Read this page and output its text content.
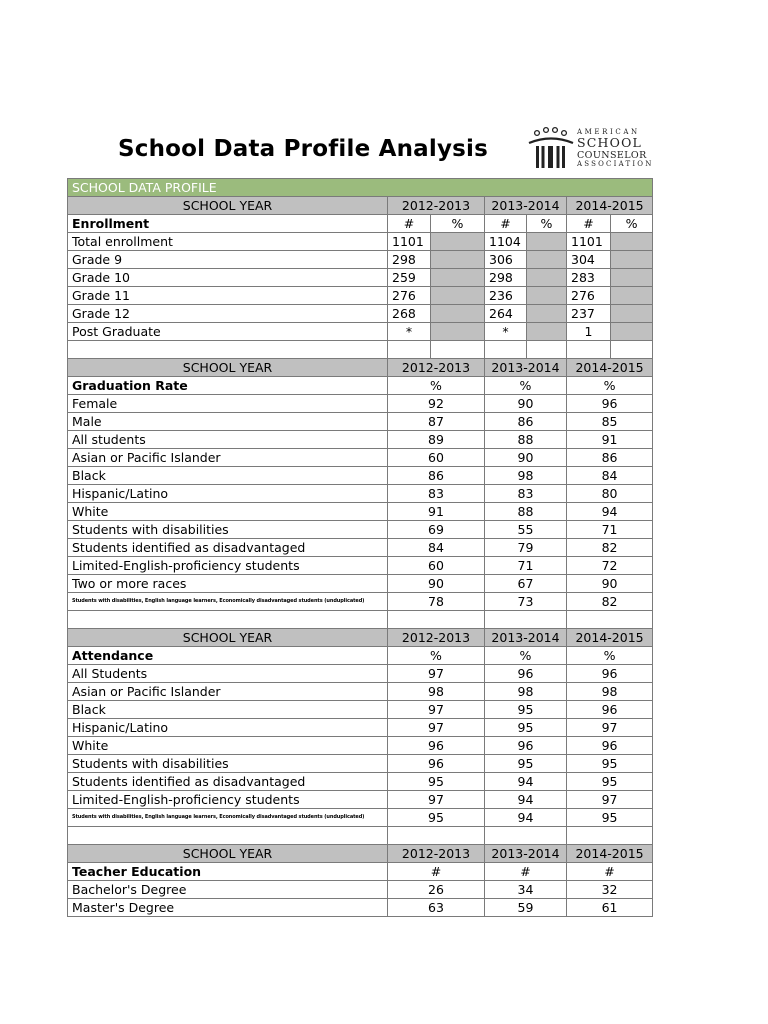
School Data Profile Analysis
AMERICAN
SCHOOL
COUNSELOR
ASSOCIATION
SCHOOL DATA PROFILE						
SCHOOL YEAR	2012-2013		2013-2014		2014-2015	
Enrollment	#	%	#	%	#	%
Total enrollment	1101		1104		1101	
Grade 9	298		306		304	
Grade 10	259		298		283	
Grade 11	276		236		276	
Grade 12	268		264		237	
Post Graduate	*		*		1	

SCHOOL YEAR	2012-2013		2013-2014		2014-2015	
Graduation Rate	%		%		%	
Female	92		90		96	
Male	87		86		85	
All students	89		88		91	
Asian or Pacific Islander	60		90		86	
Black	86		98		84	
Hispanic/Latino	83		83		80	
White	91		88		94	
Students with disabilities	69		55		71	
Students identified as disadvantaged	84		79		82	
Limited-English-proficiency students	60		71		72	
Two or more races	90		67		90	
Students with disabilities, English language learners, Economically disadvantaged students (unduplicated)	78		73		82	

SCHOOL YEAR	2012-2013		2013-2014		2014-2015	
Attendance	%		%		%	
All Students	97		96		96	
Asian or Pacific Islander	98		98		98	
Black	97		95		96	
Hispanic/Latino	97		95		97	
White	96		96		96	
Students with disabilities	96		95		95	
Students identified as disadvantaged	95		94		95	
Limited-English-proficiency students	97		94		97	
Students with disabilities, English language learners, Economically disadvantaged students (unduplicated)	95		94		95	

SCHOOL YEAR	2012-2013		2013-2014		2014-2015	
Teacher Education	#		#		#	
Bachelor's Degree	26		34		32	
Master's Degree	63		59		61	
